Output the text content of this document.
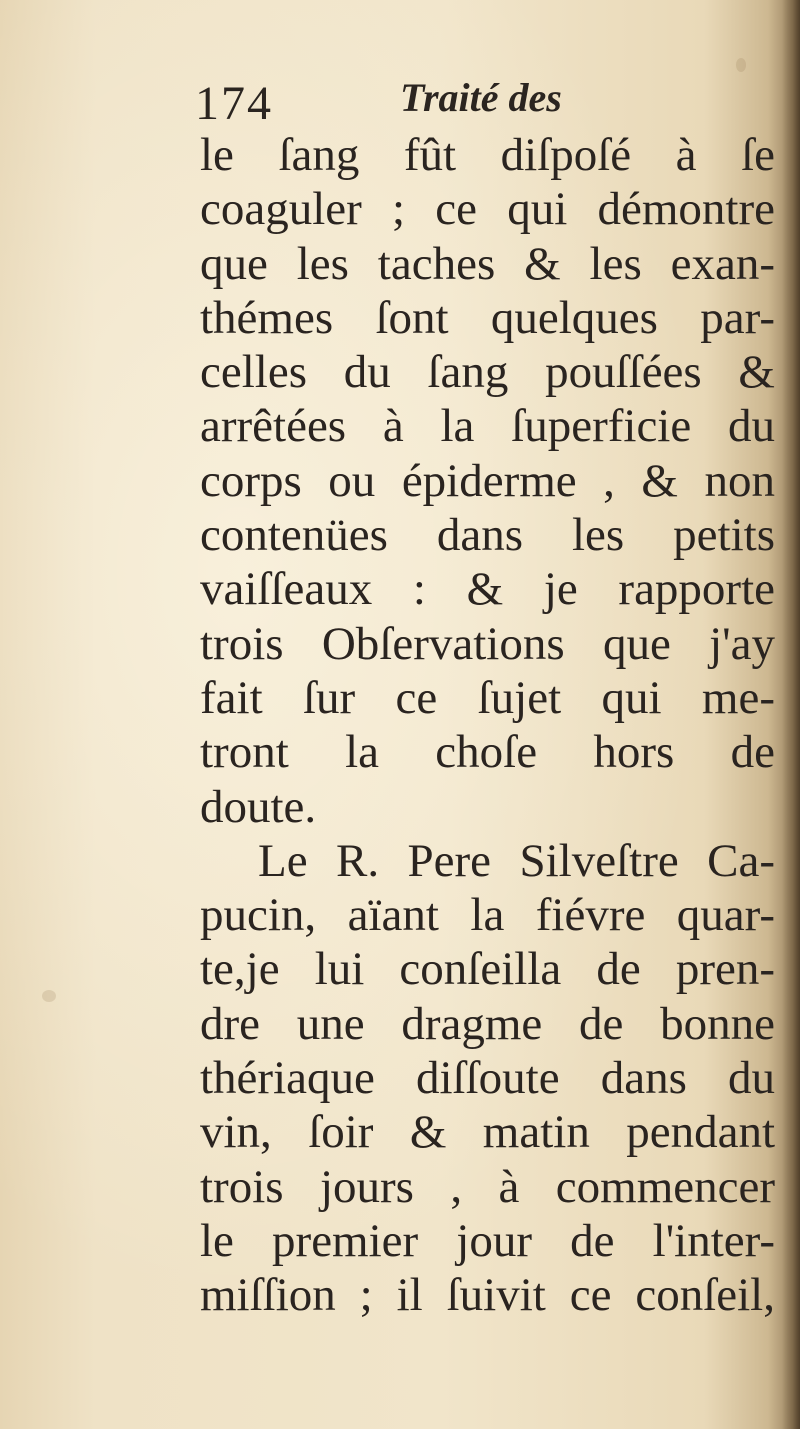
174	Traité des
le ſang fût diſpoſé à ſe
coaguler ; ce qui démontre
que les taches & les exan-
thémes ſont quelques par-
celles du ſang pouſſées &
arrêtées à la ſuperficie du
corps ou épiderme , & non
contenües dans les petits
vaiſſeaux : & je rapporte
trois Obſervations que j'ay
fait ſur ce ſujet qui me-
tront la choſe hors de
doute.
Le R. Pere Silveſtre Ca-
pucin, aïant la fiévre quar-
te,je lui conſeilla de pren-
dre une dragme de bonne
thériaque diſſoute dans du
vin, ſoir & matin pendant
trois jours , à commencer
le premier jour de l'inter-
miſſion ; il ſuivit ce conſeil,
